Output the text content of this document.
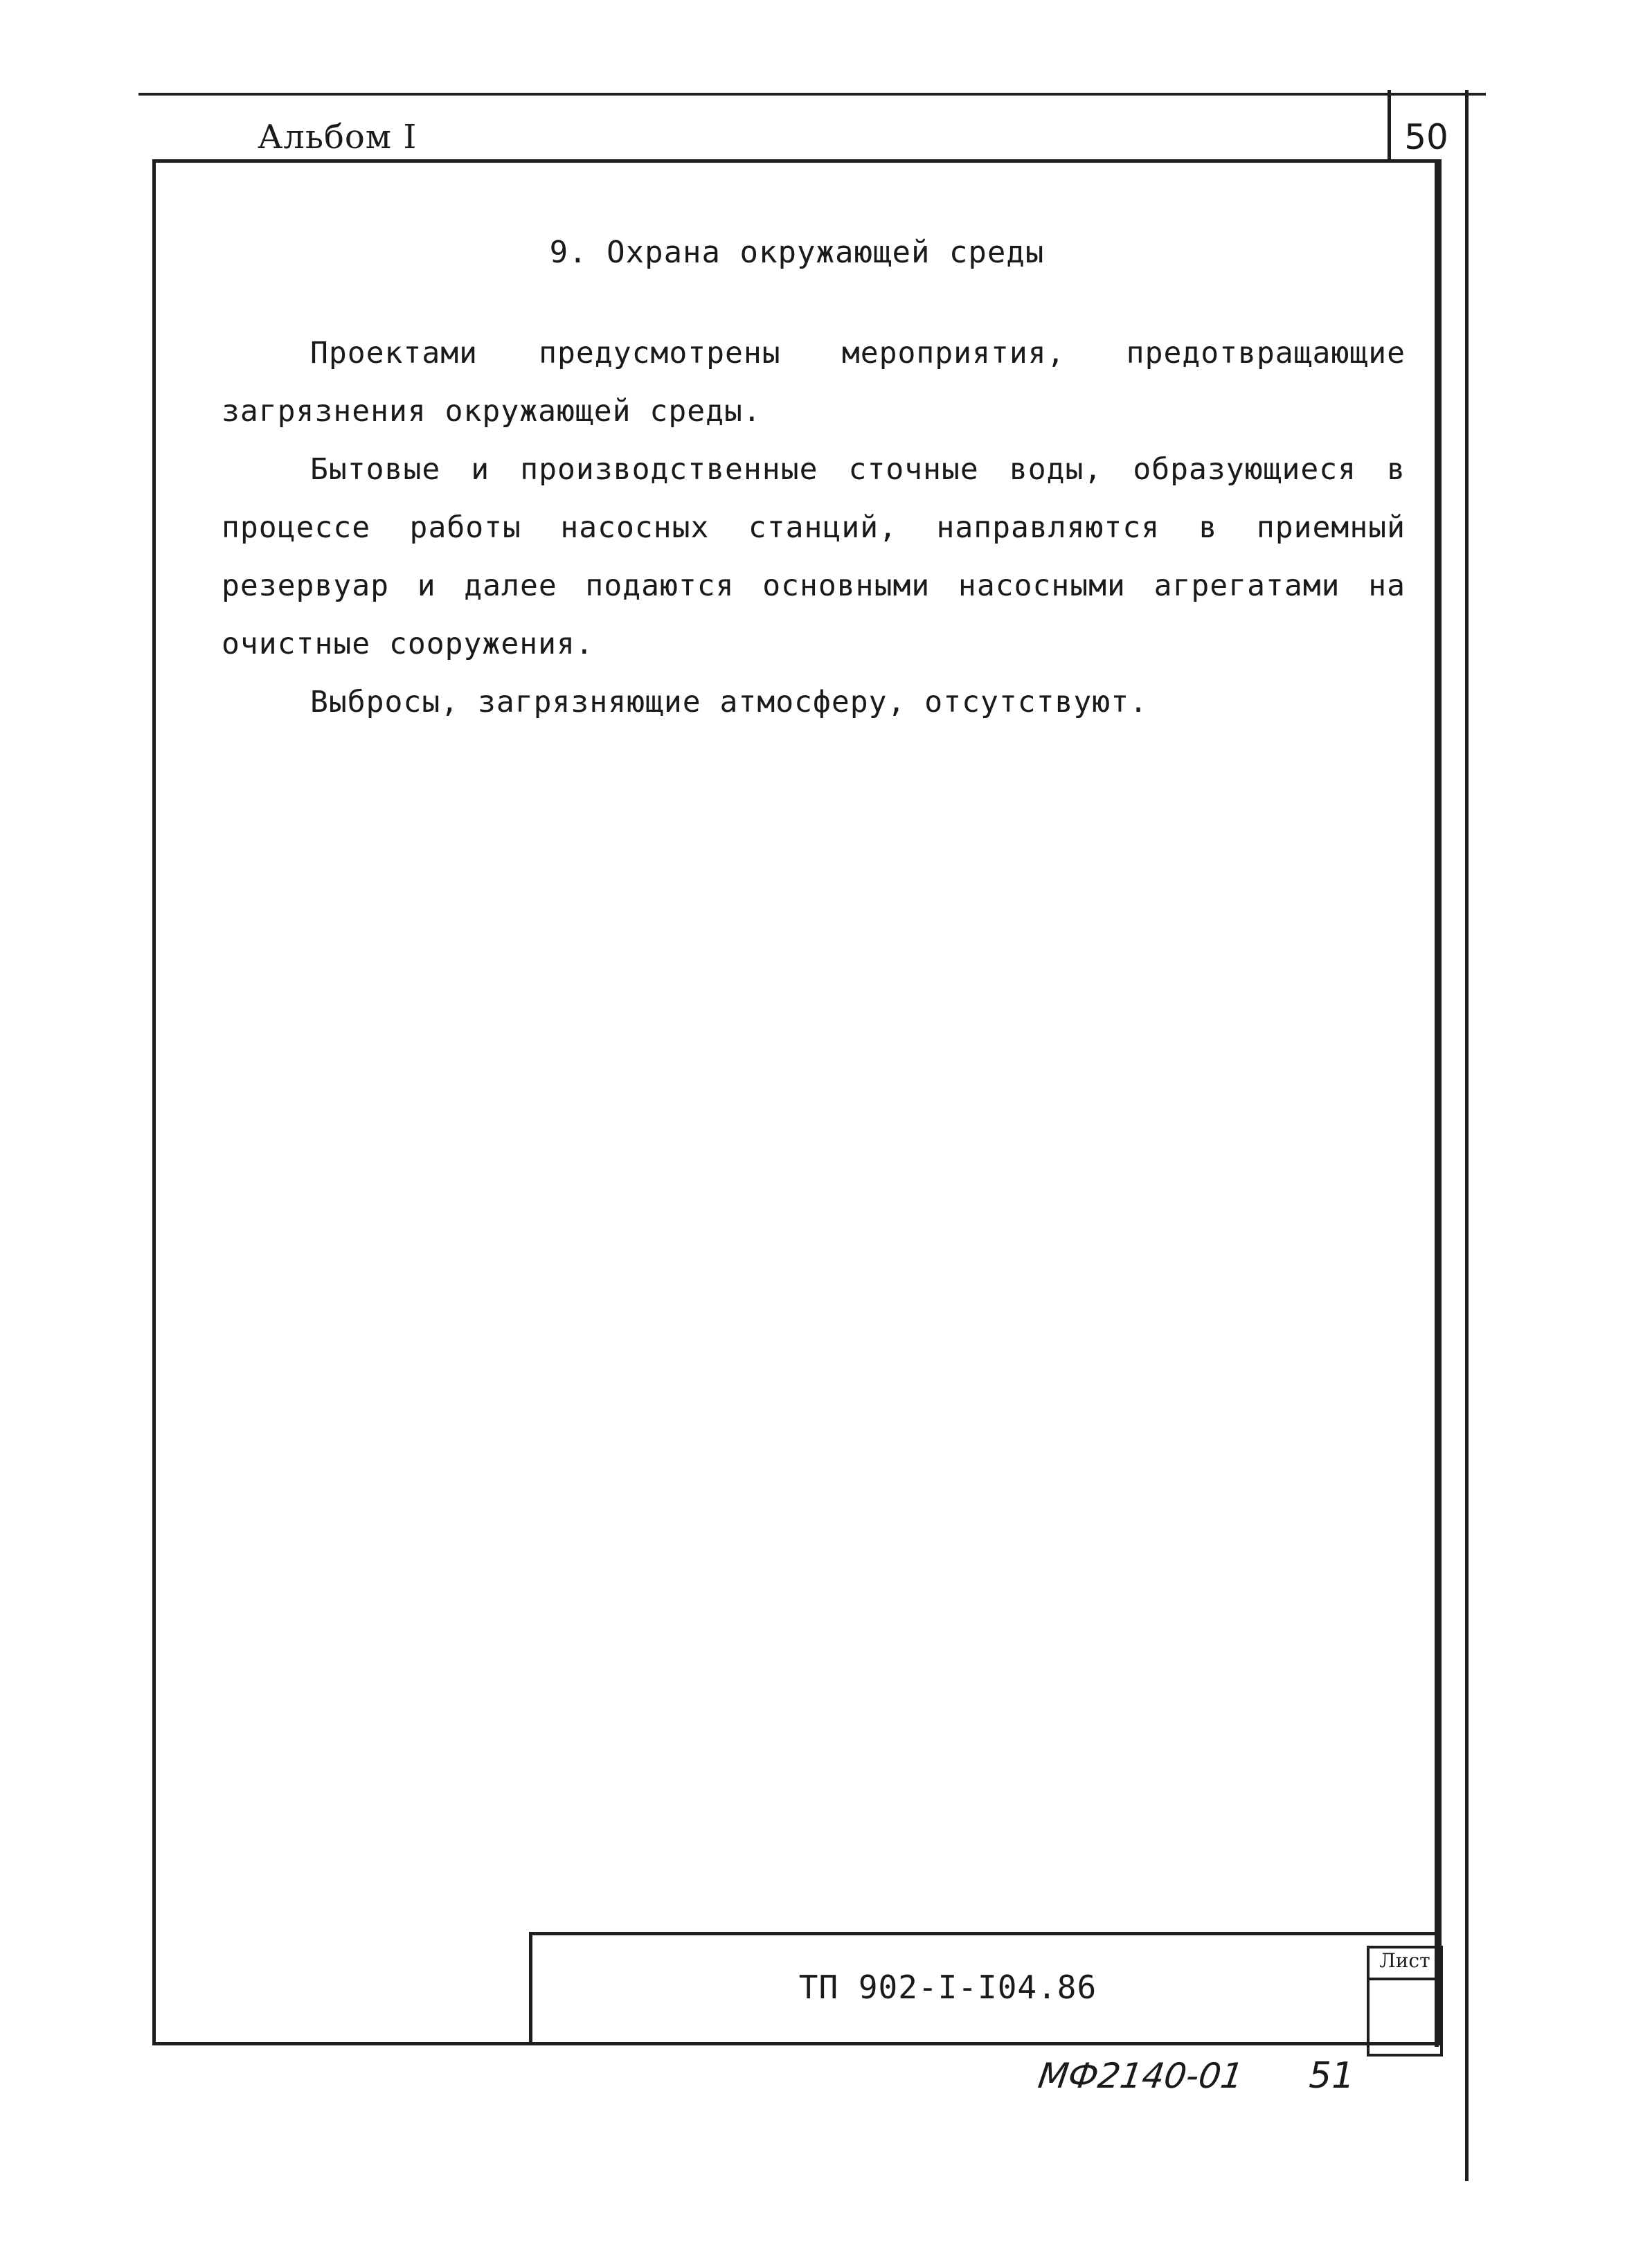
Альбом I	50
9. Охрана окружающей среды

Проектами предусмотрены мероприятия, предотвращающие загрязнения окружающей среды.

Бытовые и производственные сточные воды, образующиеся в процессе работы насосных станций, направляются в приемный резервуар и далее подаются основными насосными агрегатами на очистные сооружения.

Выбросы, загрязняющие атмосферу, отсутствуют.

ТП 902-I-I04.86
Лист
МФ2140-01 51
